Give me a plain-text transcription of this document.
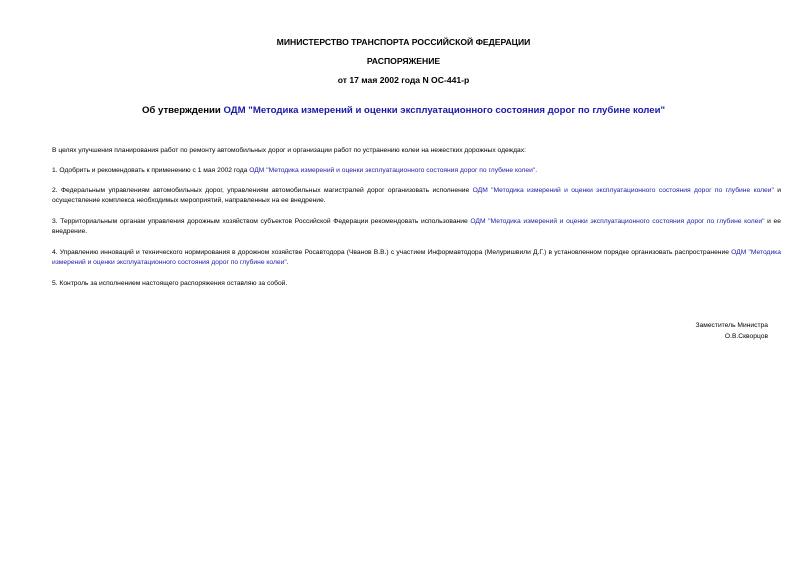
МИНИСТЕРСТВО ТРАНСПОРТА РОССИЙСКОЙ ФЕДЕРАЦИИ
РАСПОРЯЖЕНИЕ
от 17 мая 2002 года N ОС-441-р
Об утверждении ОДМ "Методика измерений и оценки эксплуатационного состояния дорог по глубине колеи"
В целях улучшения планирования работ по ремонту автомобильных дорог и организации работ по устранению колеи на нежестких дорожных одеждах:
1. Одобрить и рекомендовать к применению с 1 мая 2002 года ОДМ "Методика измерений и оценки эксплуатационного состояния дорог по глубине колеи".
2. Федеральным управлениям автомобильных дорог, управлениям автомобильных магистралей дорог организовать исполнение ОДМ "Методика измерений и оценки эксплуатационного состояния дорог по глубине колеи" и осуществление комплекса необходимых мероприятий, направленных на ее внедрение.
3. Территориальным органам управления дорожным хозяйством субъектов Российской Федерации рекомендовать использование ОДМ "Методика измерений и оценки эксплуатационного состояния дорог по глубине колеи" и ее внедрение.
4. Управлению инноваций и технического нормирования в дорожном хозяйстве Росавтодора (Чванов В.В.) с участием Информавтодора (Мелуришвили Д.Г.) в установленном порядке организовать распространение ОДМ "Методика измерений и оценки эксплуатационного состояния дорог по глубине колеи".
5. Контроль за исполнением настоящего распоряжения оставляю за собой.
Заместитель Министра
О.В.Скворцов
